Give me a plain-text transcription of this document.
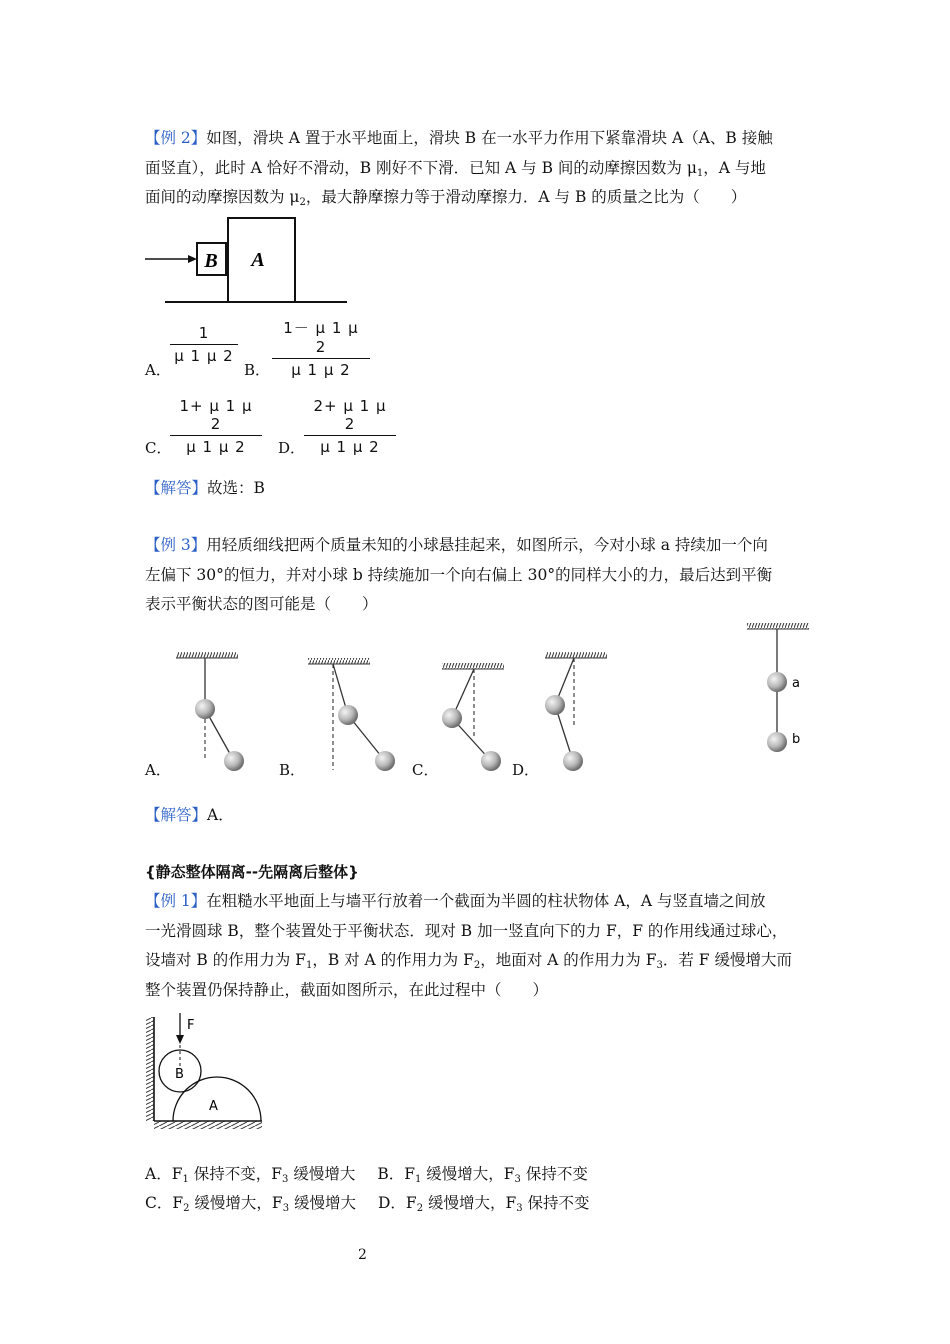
【例 2】如图，滑块 A 置于水平地面上，滑块 B 在一水平力作用下紧靠滑块 A（A、B 接触
面竖直），此时 A 恰好不滑动，B 刚好不下滑．已知 A 与 B 间的动摩擦因数为 $\mu_1$，A 与地
面间的动摩擦因数为 $\mu_2$，最大静摩擦力等于滑动摩擦力．A 与 B 的质量之比为（　　）
B A
A．
$\frac{1}{\mu 1 \mu 2}$
B． $\frac{1- \mu 1 \mu 2}{\mu 1 \mu 2}$
C．
$\frac{1+ \mu 1 \mu 2}{\mu 1 \mu 2}$ D．
$\frac{2+ \mu 1 \mu 2}{\mu 1 \mu 2}$
【解答】故选：B
【例 3】用轻质细线把两个质量未知的小球悬挂起来，如图所示，今对小球 a 持续加一个向
左偏下 30°的恒力，并对小球 b 持续施加一个向右偏上 30°的同样大小的力，最后达到平衡
表示平衡状态的图可能是（　　）
a
b
A．	B．	C．	D．
【解答】A．
{静态整体隔离--先隔离后整体}
【例 1】在粗糙水平地面上与墙平行放着一个截面为半圆的柱状物体 A，A 与竖直墙之间放
一光滑圆球 B，整个装置处于平衡状态．现对 B 加一竖直向下的力 F，F 的作用线通过球心，
设墙对 B 的作用力为 $F_1$，B 对 A 的作用力为 $F_2$，地面对 A 的作用力为 $F_3$．若 F 缓慢增大而
整个装置仍保持静止，截面如图所示，在此过程中（　　）
F
B
A
A．$F_1$ 保持不变，$F_3$ 缓慢增大 B．$F_1$ 缓慢增大，$F_3$ 保持不变
C．$F_2$ 缓慢增大，$F_3$ 缓慢增大 D．$F_2$ 缓慢增大，$F_3$ 保持不变
2
